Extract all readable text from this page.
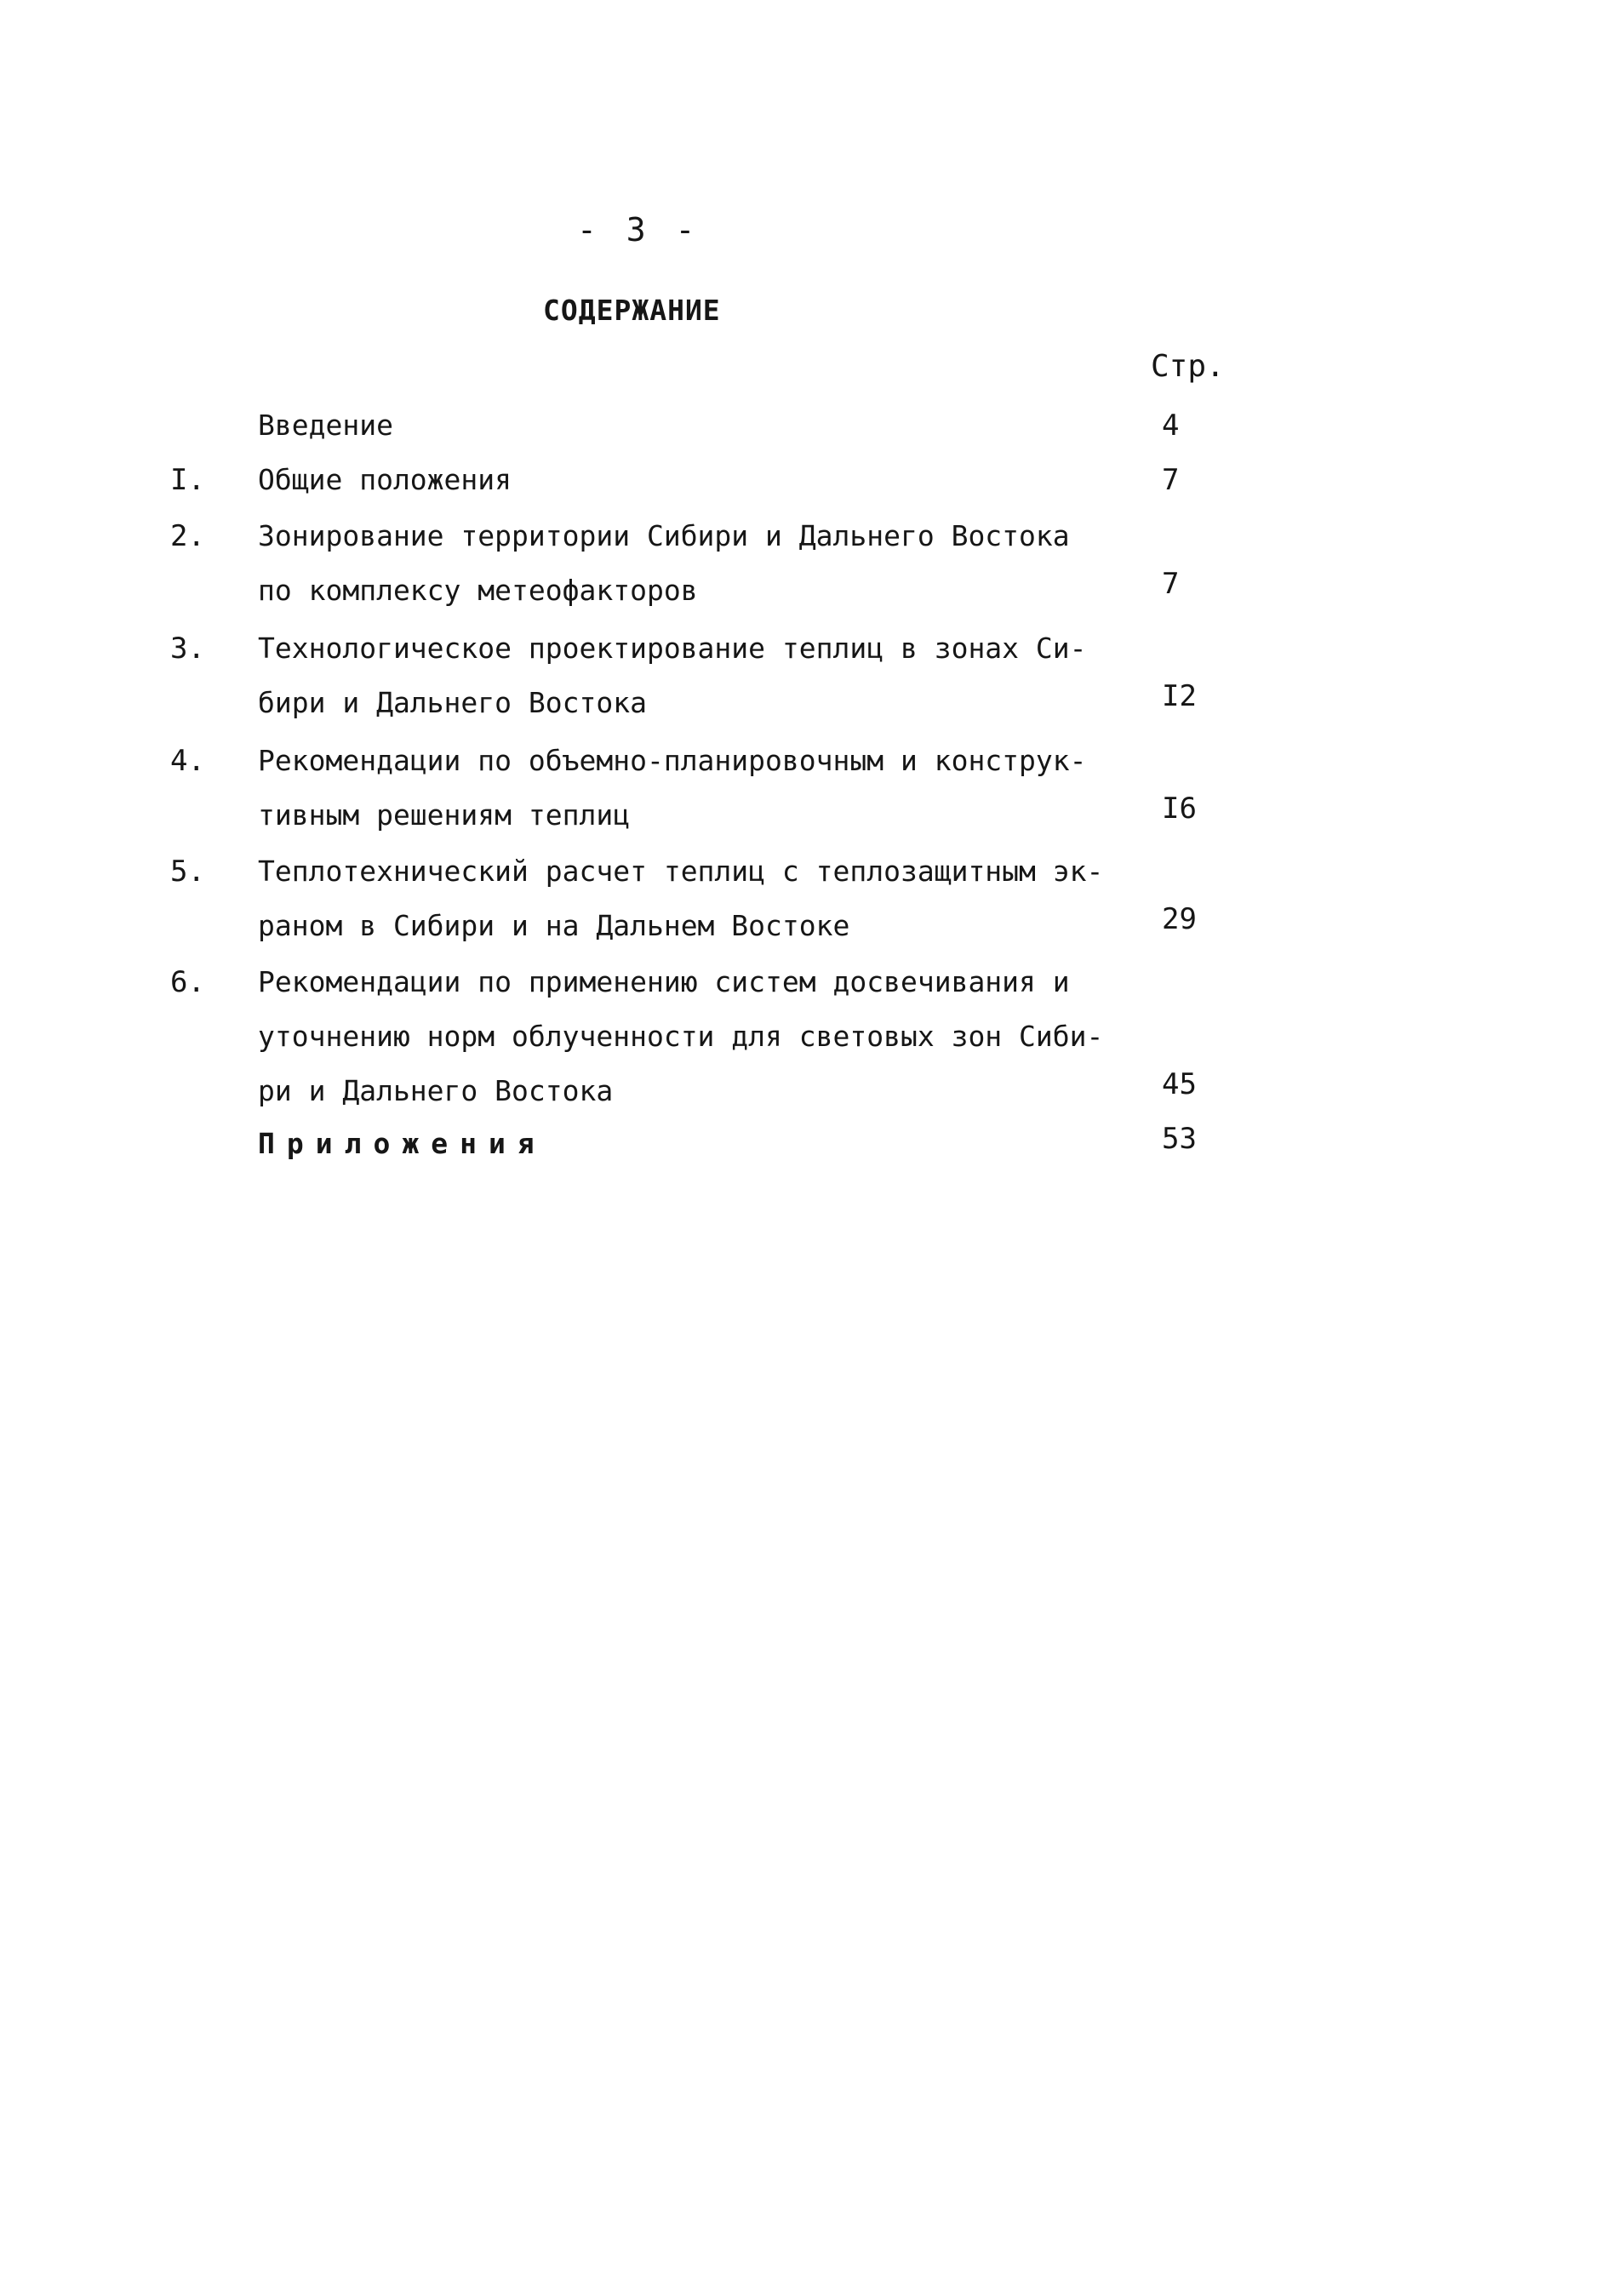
- 3 -
СОДЕРЖАНИЕ
Стр.
Введение	4
I. Общие положения	7
2. Зонирование территории Сибири и Дальнего Востока
по комплексу метеофакторов	7
3. Технологическое проектирование теплиц в зонах Си-
бири и Дальнего Востока	I2
4. Рекомендации по объемно-планировочным и конструк-
тивным решениям теплиц	I6
5. Теплотехнический расчет теплиц с теплозащитным эк-
раном в Сибири и на Дальнем Востоке	29
6. Рекомендации по применению систем досвечивания и
уточнению норм облученности для световых зон Сиби-
ри и Дальнего Востока	45
Приложения	53
